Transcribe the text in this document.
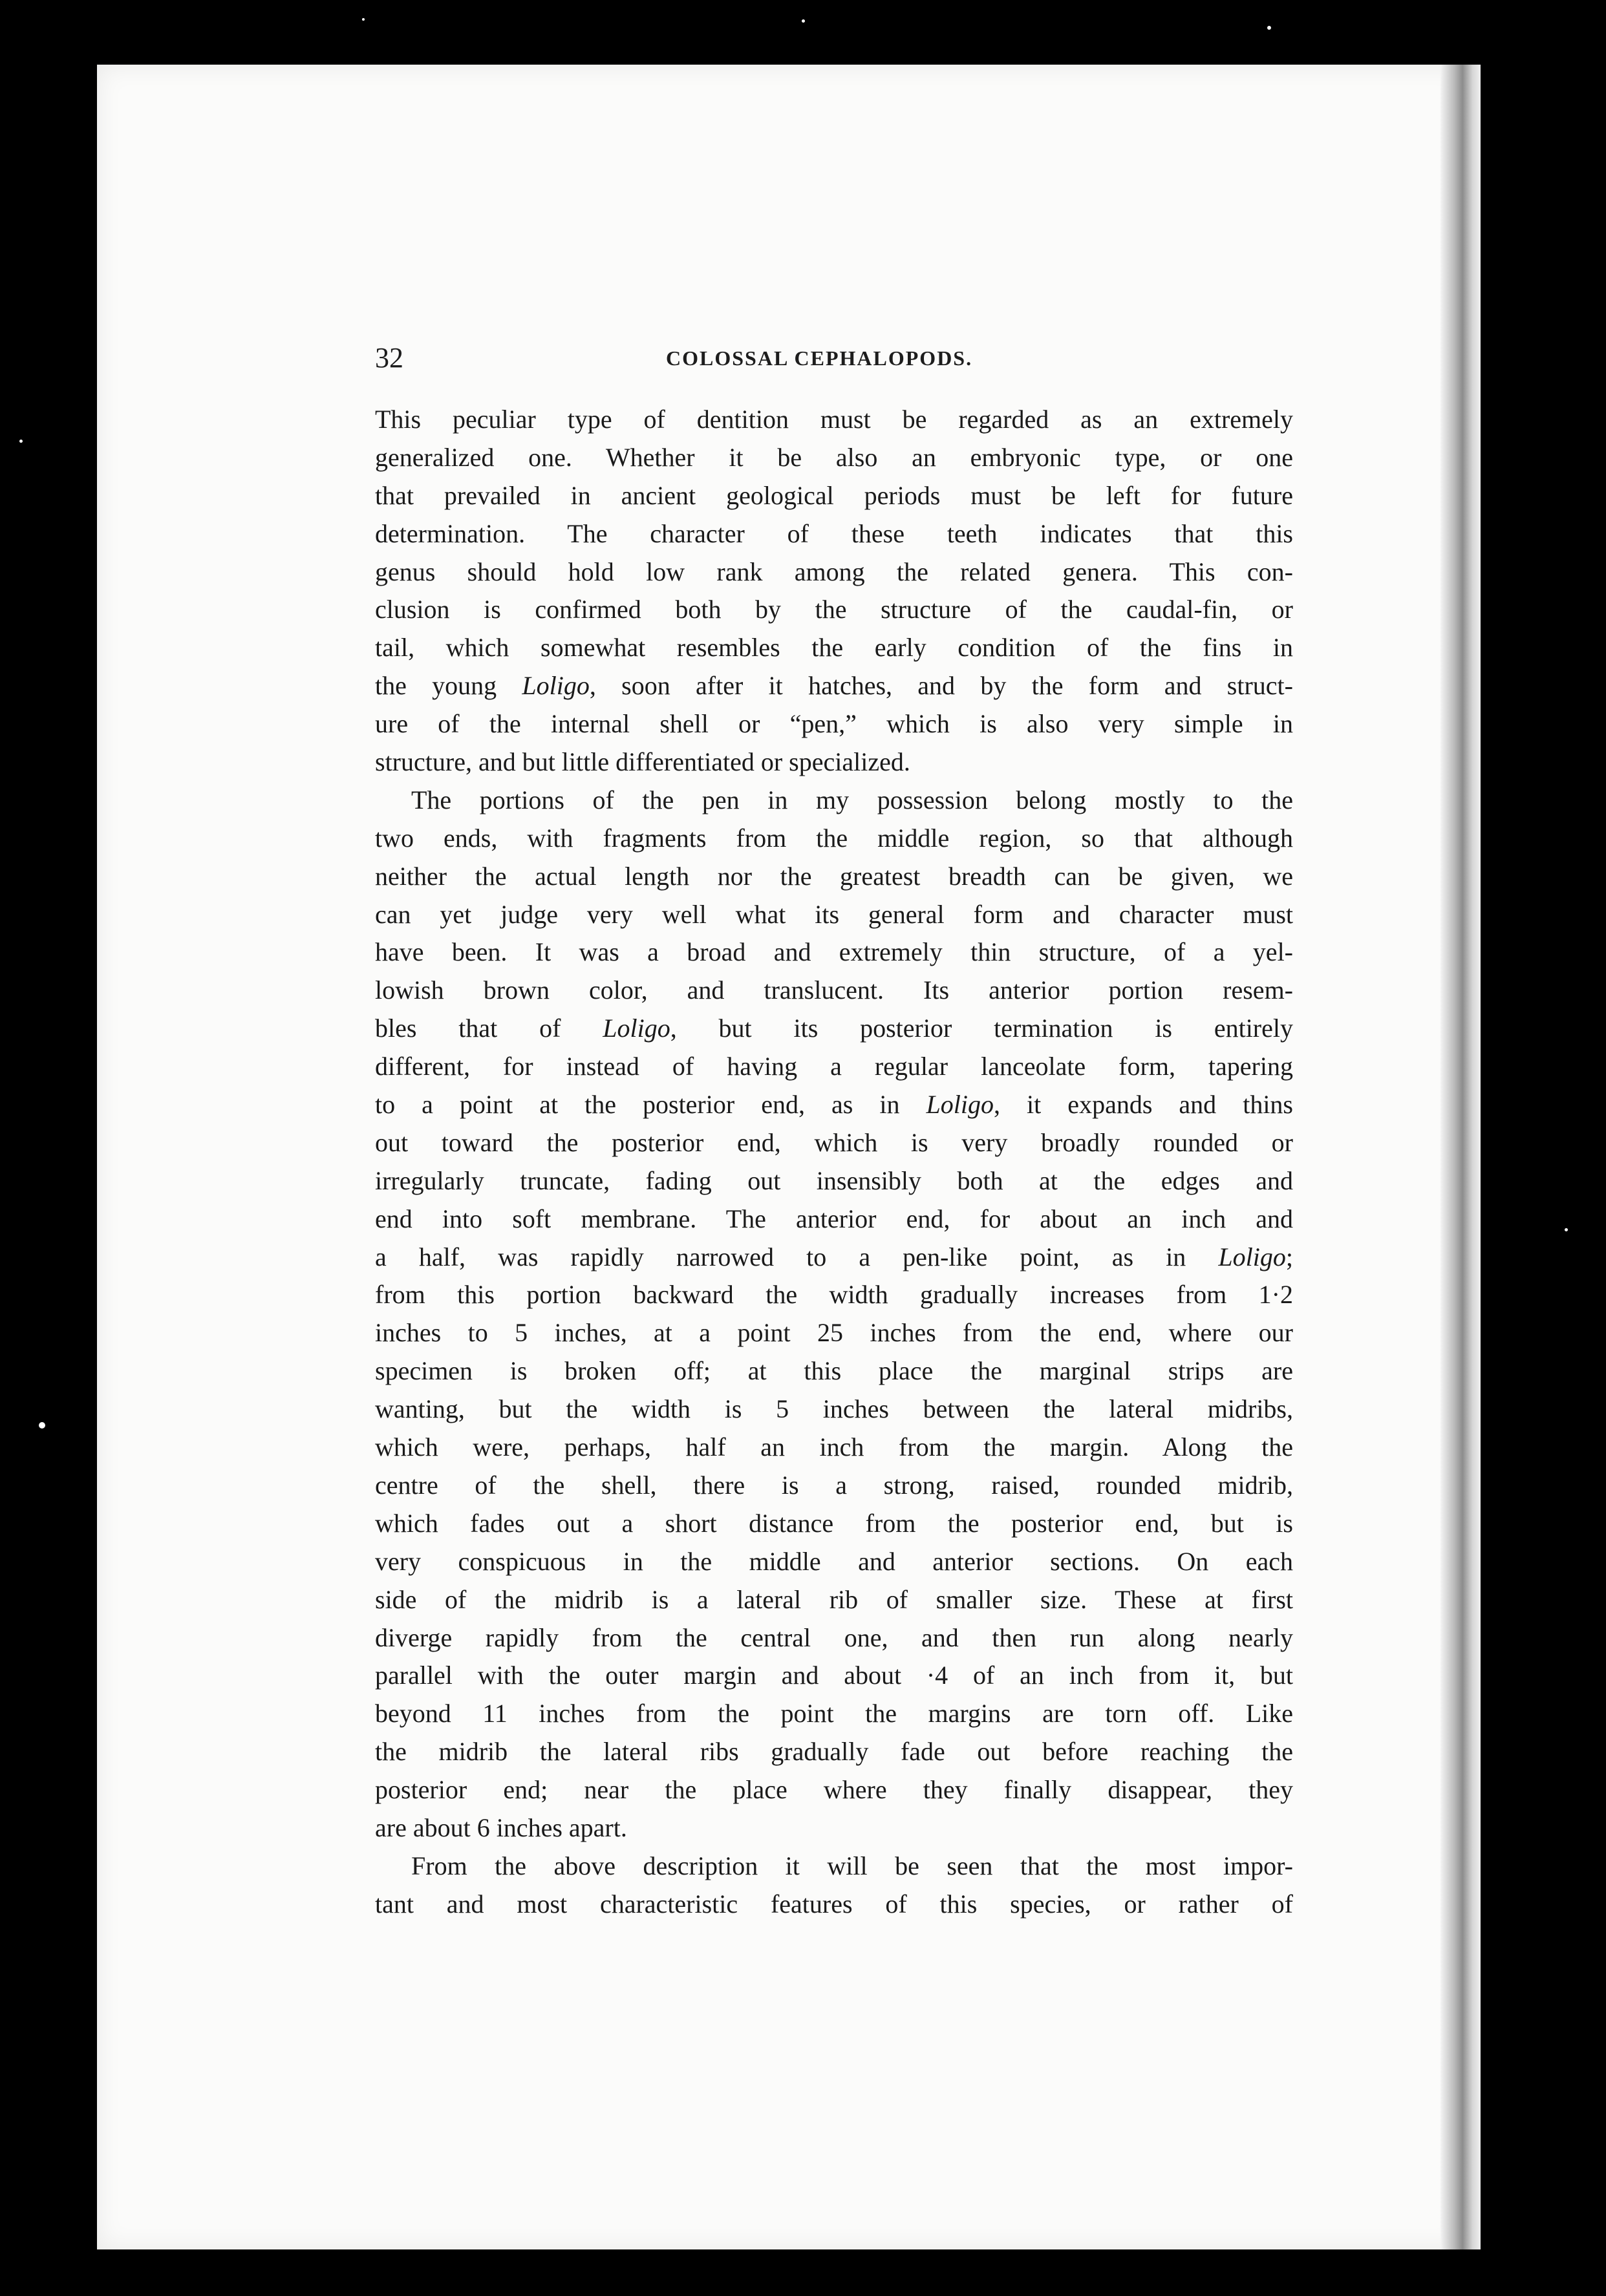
32	COLOSSAL CEPHALOPODS.
This peculiar type of dentition must be regarded as an extremely
generalized one. Whether it be also an embryonic type, or one
that prevailed in ancient geological periods must be left for future
determination. The character of these teeth indicates that this
genus should hold low rank among the related genera. This con-
clusion is confirmed both by the structure of the caudal-fin, or
tail, which somewhat resembles the early condition of the fins in
the young Loligo, soon after it hatches, and by the form and struct-
ure of the internal shell or “pen,” which is also very simple in
structure, and but little differentiated or specialized.
The portions of the pen in my possession belong mostly to the
two ends, with fragments from the middle region, so that although
neither the actual length nor the greatest breadth can be given, we
can yet judge very well what its general form and character must
have been. It was a broad and extremely thin structure, of a yel-
lowish brown color, and translucent. Its anterior portion resem-
bles that of Loligo, but its posterior termination is entirely
different, for instead of having a regular lanceolate form, tapering
to a point at the posterior end, as in Loligo, it expands and thins
out toward the posterior end, which is very broadly rounded or
irregularly truncate, fading out insensibly both at the edges and
end into soft membrane. The anterior end, for about an inch and
a half, was rapidly narrowed to a pen-like point, as in Loligo;
from this portion backward the width gradually increases from 1·2
inches to 5 inches, at a point 25 inches from the end, where our
specimen is broken off; at this place the marginal strips are
wanting, but the width is 5 inches between the lateral midribs,
which were, perhaps, half an inch from the margin. Along the
centre of the shell, there is a strong, raised, rounded midrib,
which fades out a short distance from the posterior end, but is
very conspicuous in the middle and anterior sections. On each
side of the midrib is a lateral rib of smaller size. These at first
diverge rapidly from the central one, and then run along nearly
parallel with the outer margin and about ·4 of an inch from it, but
beyond 11 inches from the point the margins are torn off. Like
the midrib the lateral ribs gradually fade out before reaching the
posterior end; near the place where they finally disappear, they
are about 6 inches apart.
From the above description it will be seen that the most impor-
tant and most characteristic features of this species, or rather of
